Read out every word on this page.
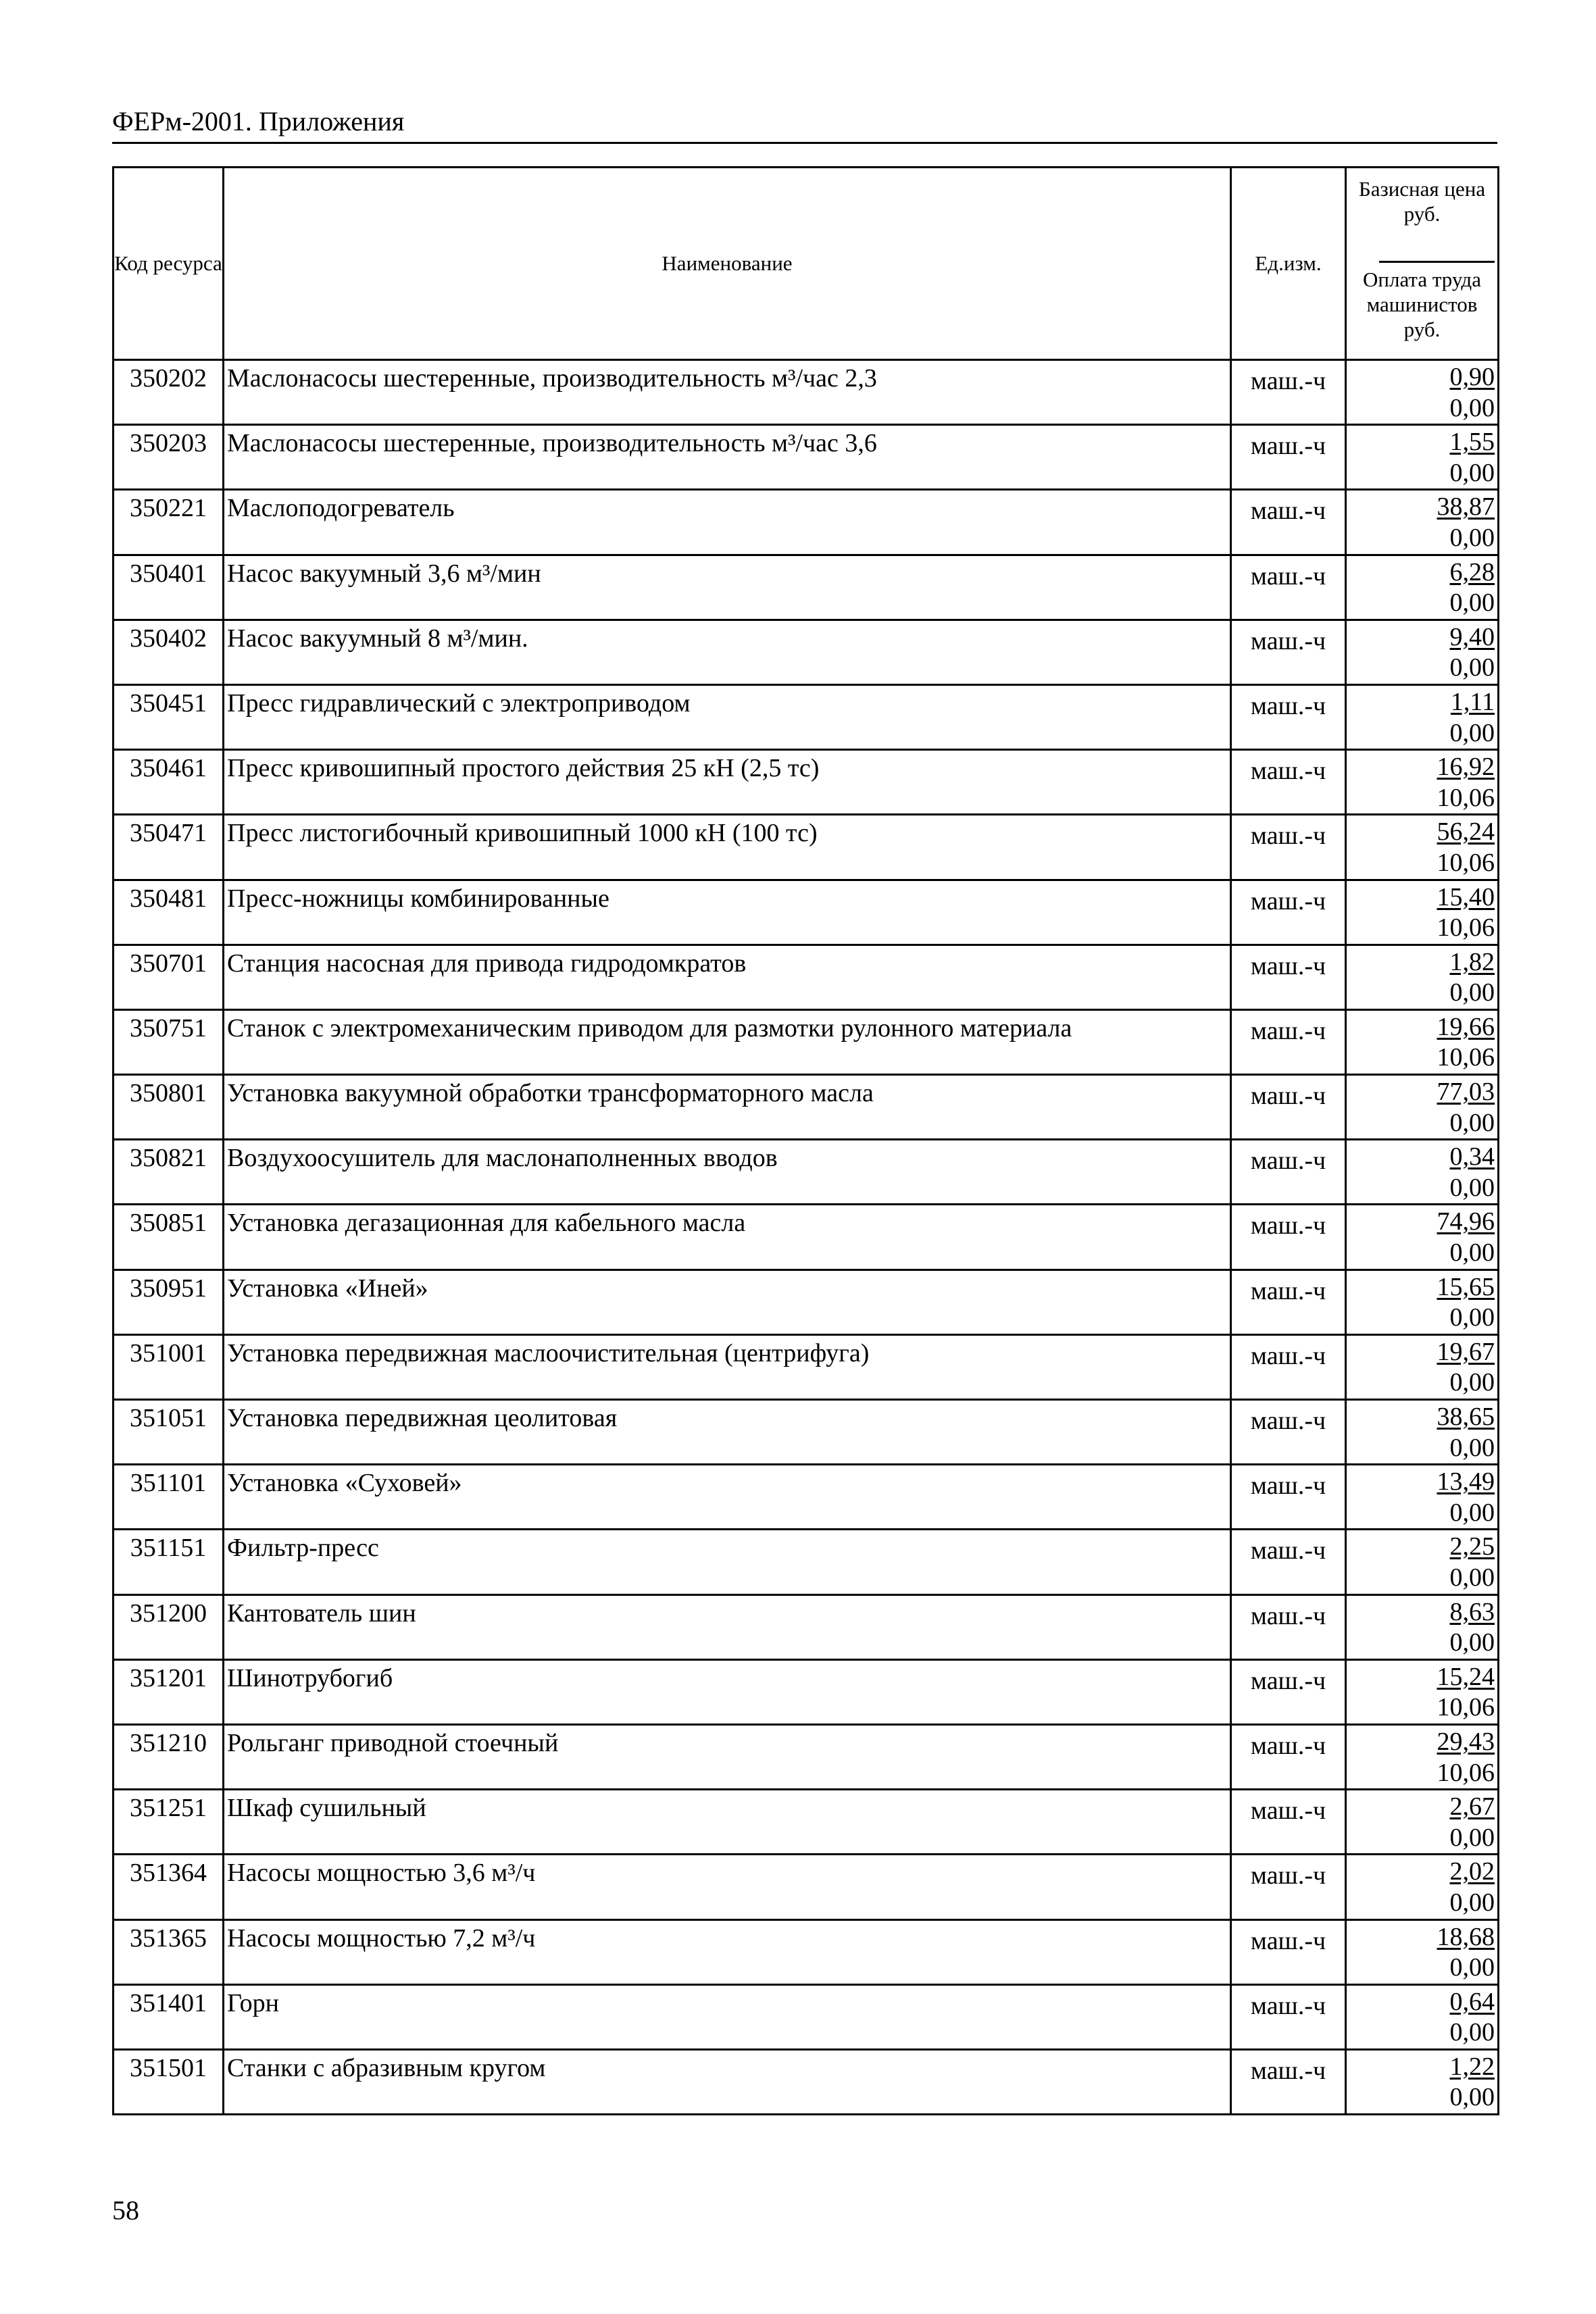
ФЕРм-2001. Приложения
Код ресурса	Наименование	Ед.изм.	Базисная цена руб.
Оплата труда машинистов руб.

350202	Маслонасосы шестеренные, производительность м³/час 2,3	маш.-ч	0,90
0,00

350203	Маслонасосы шестеренные, производительность м³/час 3,6	маш.-ч	1,55
0,00

350221	Маслоподогреватель	маш.-ч	38,87
0,00

350401	Насос вакуумный 3,6 м³/мин	маш.-ч	6,28
0,00

350402	Насос вакуумный 8 м³/мин.	маш.-ч	9,40
0,00

350451	Пресс гидравлический с электроприводом	маш.-ч	1,11
0,00

350461	Пресс кривошипный простого действия 25 кН (2,5 тс)	маш.-ч	16,92
10,06

350471	Пресс листогибочный кривошипный 1000 кН (100 тс)	маш.-ч	56,24
10,06

350481	Пресс-ножницы комбинированные	маш.-ч	15,40
10,06

350701	Станция насосная для привода гидродомкратов	маш.-ч	1,82
0,00

350751	Станок с электромеханическим приводом для размотки рулонного материала	маш.-ч	19,66
10,06

350801	Установка вакуумной обработки трансформаторного масла	маш.-ч	77,03
0,00

350821	Воздухоосушитель для маслонаполненных вводов	маш.-ч	0,34
0,00

350851	Установка дегазационная для кабельного масла	маш.-ч	74,96
0,00

350951	Установка «Иней»	маш.-ч	15,65
0,00

351001	Установка передвижная маслоочистительная (центрифуга)	маш.-ч	19,67
0,00

351051	Установка передвижная цеолитовая	маш.-ч	38,65
0,00

351101	Установка «Суховей»	маш.-ч	13,49
0,00

351151	Фильтр-пресс	маш.-ч	2,25
0,00

351200	Кантователь шин	маш.-ч	8,63
0,00

351201	Шинотрубогиб	маш.-ч	15,24
10,06

351210	Рольганг приводной стоечный	маш.-ч	29,43
10,06

351251	Шкаф сушильный	маш.-ч	2,67
0,00

351364	Насосы мощностью 3,6 м³/ч	маш.-ч	2,02
0,00

351365	Насосы мощностью 7,2 м³/ч	маш.-ч	18,68
0,00

351401	Горн	маш.-ч	0,64
0,00

351501	Станки с абразивным кругом	маш.-ч	1,22
0,00
58
